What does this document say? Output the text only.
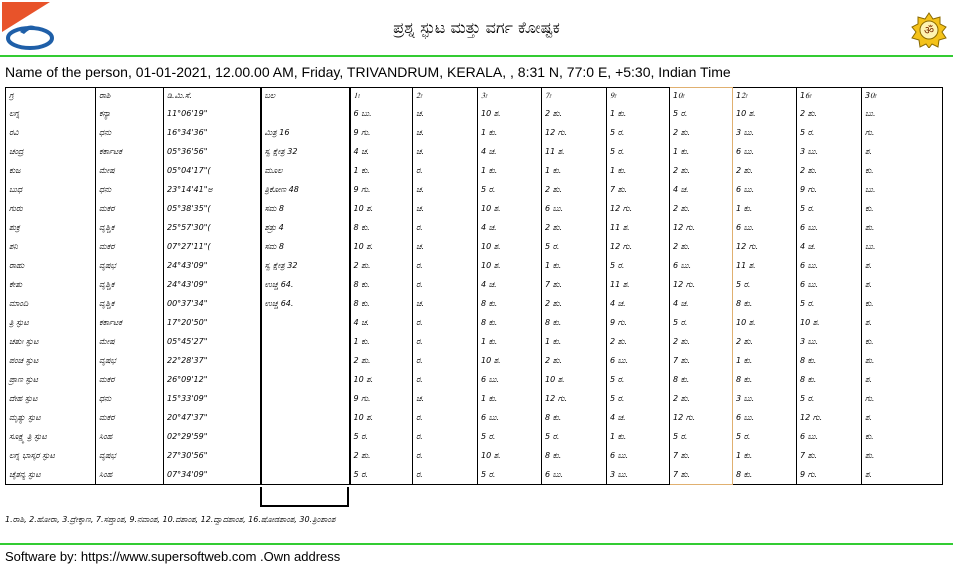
ಪ್ರಶ್ನ ಸ್ಫುಟ ಮತ್ತು ವರ್ಗ ಕೋಷ್ಟಕ	ॐ
Name of the person, 01-01-2021, 12.00.00 AM, Friday, TRIVANDRUM, KERALA, , 8:31 N, 77:0 E, +5:30, Indian Time
ಗ್ರ	ರಾಶಿ	ಡಿ.ಮಿ.ಸೆ.	ಬಲ	1ಃ	2ಃ	3ಃ	7ಃ	9ಃ	10ಃ	12ಃ	16ಃ	30ಃ
ಲಗ್ನ	ಕನ್ಯಾ	11°06'19"		6 ಬು.	ಚ.	10 ಶ.	2 ಶು.	1 ಕು.	5 ರ.	10 ಶ.	2 ಶು.	ಬು.
ರವಿ	ಧನು	16°34'36"	ಮಿತ್ರ 16	9 ಗು.	ಚ.	1 ಕು.	12 ಗು.	5 ರ.	2 ಶು.	3 ಬು.	5 ರ.	ಗು.
ಚಂದ್ರ	ಕರ್ಕಾಟಕ	05°36'56"	ಸ್ವ ಕ್ಷೇತ್ರ 32	4 ಚ.	ಚ.	4 ಚ.	11 ಶ.	5 ರ.	1 ಕು.	6 ಬು.	3 ಬು.	ಶ.
ಕುಜ	ಮೇಷ	05°04'17"(	ಮೂಲ	1 ಕು.	ರ.	1 ಕು.	1 ಕು.	1 ಕು.	2 ಶು.	2 ಶು.	2 ಶು.	ಕು.
ಬುಧ	ಧನು	23°14'41"ಅ	ತ್ರಿಕೋಣ 48	9 ಗು.	ಚ.	5 ರ.	2 ಶು.	7 ಶು.	4 ಚ.	6 ಬು.	9 ಗು.	ಬು.
ಗುರು	ಮಕರ	05°38'35"(	ಸಮ 8	10 ಶ.	ಚ.	10 ಶ.	6 ಬು.	12 ಗು.	2 ಶು.	1 ಕು.	5 ರ.	ಕು.
ಶುಕ್ರ	ವೃಶ್ಚಿಕ	25°57'30"(	ಶತ್ರು 4	8 ಕು.	ರ.	4 ಚ.	2 ಶು.	11 ಶ.	12 ಗು.	6 ಬು.	6 ಬು.	ಶು.
ಶನಿ	ಮಕರ	07°27'11"(	ಸಮ 8	10 ಶ.	ಚ.	10 ಶ.	5 ರ.	12 ಗು.	2 ಶು.	12 ಗು.	4 ಚ.	ಬು.
ರಾಹು	ವೃಷಭ	24°43'09"	ಸ್ವ ಕ್ಷೇತ್ರ 32	2 ಶು.	ರ.	10 ಶ.	1 ಕು.	5 ರ.	6 ಬು.	11 ಶ.	6 ಬು.	ಶ.
ಕೇತು	ವೃಶ್ಚಿಕ	24°43'09"	ಉಚ್ಚ 64.	8 ಕು.	ರ.	4 ಚ.	7 ಶು.	11 ಶ.	12 ಗು.	5 ರ.	6 ಬು.	ಶ.
ಮಾಂದಿ	ವೃಶ್ಚಿಕ	00°37'34"	ಉಚ್ಚ 64.	8 ಕು.	ಚ.	8 ಕು.	2 ಶು.	4 ಚ.	4 ಚ.	8 ಕು.	5 ರ.	ಕು.
ತ್ರಿ ಸ್ಫುಟ	ಕರ್ಕಾಟಕ	17°20'50"		4 ಚ.	ರ.	8 ಕು.	8 ಕು.	9 ಗು.	5 ರ.	10 ಶ.	10 ಶ.	ಶ.
ಚತುಃ ಸ್ಫುಟ	ಮೇಷ	05°45'27"		1 ಕು.	ರ.	1 ಕು.	1 ಕು.	2 ಶು.	2 ಶು.	2 ಶು.	3 ಬು.	ಕು.
ಪಂಚ ಸ್ಫುಟ	ವೃಷಭ	22°28'37"		2 ಶು.	ರ.	10 ಶ.	2 ಶು.	6 ಬು.	7 ಶು.	1 ಕು.	8 ಕು.	ಶು.
ಪ್ರಾಣ ಸ್ಫುಟ	ಮಕರ	26°09'12"		10 ಶ.	ರ.	6 ಬು.	10 ಶ.	5 ರ.	8 ಕು.	8 ಕು.	8 ಕು.	ಶ.
ದೇಹ ಸ್ಫುಟ	ಧನು	15°33'09"		9 ಗು.	ಚ.	1 ಕು.	12 ಗು.	5 ರ.	2 ಶು.	3 ಬು.	5 ರ.	ಗು.
ಮೃತ್ಯು ಸ್ಫುಟ	ಮಕರ	20°47'37"		10 ಶ.	ರ.	6 ಬು.	8 ಕು.	4 ಚ.	12 ಗು.	6 ಬು.	12 ಗು.	ಶ.
ಸೂಕ್ಷ್ಮ ತ್ರಿ ಸ್ಫುಟ	ಸಿಂಹ	02°29'59"		5 ರ.	ರ.	5 ರ.	5 ರ.	1 ಕು.	5 ರ.	5 ರ.	6 ಬು.	ಕು.
ಲಗ್ನ ಭಾಸ್ಕರ ಸ್ಫುಟ	ವೃಷಭ	27°30'56"		2 ಶು.	ರ.	10 ಶ.	8 ಕು.	6 ಬು.	7 ಶು.	1 ಕು.	7 ಶು.	ಶು.
ಚೈತನ್ಯ ಸ್ಫುಟ	ಸಿಂಹ	07°34'09"		5 ರ.	ರ.	5 ರ.	6 ಬು.	3 ಬು.	7 ಶು.	8 ಕು.	9 ಗು.	ಶ.
1.ರಾಶಿ, 2.ಹೋರಾ, 3.ದ್ರೇಕ್ಕಾಣ, 7.ಸಪ್ತಾಂಶ, 9.ನವಾಂಶ, 10.ದಶಾಂಶ, 12.ದ್ವಾದಶಾಂಶ, 16.ಷೋಡಶಾಂಶ, 30.ತ್ರಿಂಶಾಂಶ
Software by: https://www.supersoftweb.com .Own address
